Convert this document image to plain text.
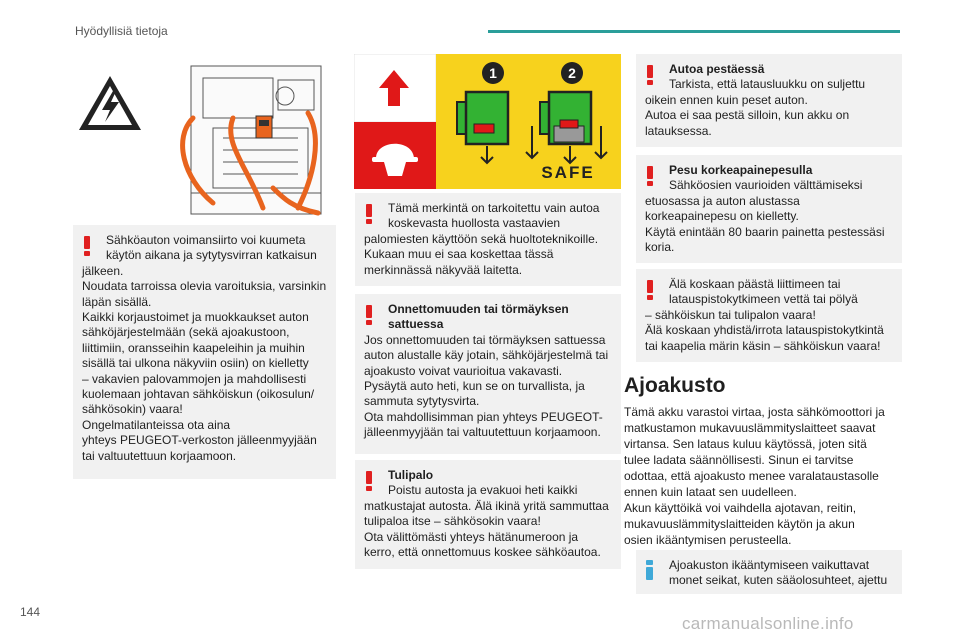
Hyödyllisiä tietoja
1	2
SAFE
Sähköauton voimansiirto voi kuumeta
käytön aikana ja sytytysvirran katkaisun
jälkeen.
Noudata tarroissa olevia varoituksia, varsinkin
läpän sisällä.
Kaikki korjaustoimet ja muokkaukset auton
sähköjärjestelmään (sekä ajoakustoon,
liittimiin, oransseihin kaapeleihin ja muihin
sisällä tai ulkona näkyviin osiin) on kielletty
– vakavien palovammojen ja mahdollisesti
kuolemaan johtavan sähköiskun (oikosulun/
sähkösokin) vaara!
Ongelmatilanteissa ota aina
yhteys PEUGEOT-verkoston jälleenmyyjään
tai valtuutettuun korjaamoon.
Tämä merkintä on tarkoitettu vain autoa
koskevasta huollosta vastaavien
palomiesten käyttöön sekä huoltoteknikoille.
Kukaan muu ei saa koskettaa tässä
merkinnässä näkyvää laitetta.
Onnettomuuden tai törmäyksen
sattuessa
Jos onnettomuuden tai törmäyksen sattuessa
auton alustalle käy jotain, sähköjärjestelmä tai
ajoakusto voivat vaurioitua vakavasti.
Pysäytä auto heti, kun se on turvallista, ja
sammuta sytytysvirta.
Ota mahdollisimman pian yhteys PEUGEOT-
jälleenmyyjään tai valtuutettuun korjaamoon.
Tulipalo
Poistu autosta ja evakuoi heti kaikki
matkustajat autosta. Älä ikinä yritä sammuttaa
tulipaloa itse – sähkösokin vaara!
Ota välittömästi yhteys hätänumeroon ja
kerro, että onnettomuus koskee sähköautoa.
Autoa pestäessä
Tarkista, että latausluukku on suljettu
oikein ennen kuin peset auton.
Autoa ei saa pestä silloin, kun akku on
latauksessa.
Pesu korkeapainepesulla
Sähköosien vaurioiden välttämiseksi
etuosassa ja auton alustassa
korkeapainepesu on kielletty.
Käytä enintään 80 baarin painetta pestessäsi
koria.
Älä koskaan päästä liittimeen tai
latauspistokytkimeen vettä tai pölyä
– sähköiskun tai tulipalon vaara!
Älä koskaan yhdistä/irrota latauspistokytkintä
tai kaapelia märin käsin – sähköiskun vaara!
Ajoakusto
Tämä akku varastoi virtaa, josta sähkömoottori ja
matkustamon mukavuuslämmityslaitteet saavat
virtansa. Sen lataus kuluu käytössä, joten sitä
tulee ladata säännöllisesti. Sinun ei tarvitse
odottaa, että ajoakusto menee varalataustasolle
ennen kuin lataat sen uudelleen.
Akun käyttöikä voi vaihdella ajotavan, reitin,
mukavuuslämmityslaitteiden käytön ja akun
osien ikääntymisen perusteella.
Ajoakuston ikääntymiseen vaikuttavat
monet seikat, kuten sääolosuhteet, ajettu
144
carmanualsonline.info
